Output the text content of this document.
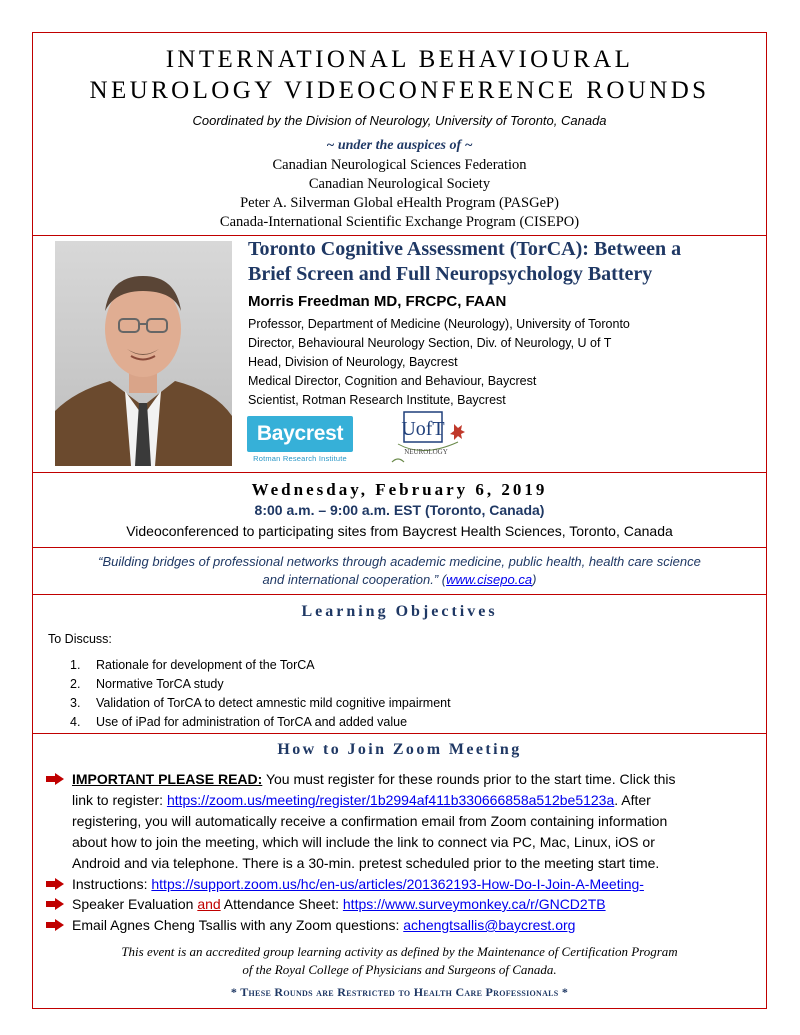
INTERNATIONAL BEHAVIOURAL
NEUROLOGY VIDEOCONFERENCE ROUNDS
Coordinated by the Division of Neurology, University of Toronto, Canada
~ under the auspices of ~
Canadian Neurological Sciences Federation
Canadian Neurological Society
Peter A. Silverman Global eHealth Program (PASGeP)
Canada-International Scientific Exchange Program (CISEPO)
Toronto Cognitive Assessment (TorCA): Between a
Brief Screen and Full Neuropsychology Battery
Morris Freedman MD, FRCPC, FAAN
Professor, Department of Medicine (Neurology), University of Toronto
Director, Behavioural Neurology Section, Div. of Neurology, U of T
Head, Division of Neurology, Baycrest
Medical Director, Cognition and Behaviour, Baycrest
Scientist, Rotman Research Institute, Baycrest
Baycrest
Rotman Research Institute
UofT
NEUROLOGY
Wednesday, February 6, 2019
8:00 a.m. – 9:00 a.m. EST (Toronto, Canada)
Videoconferenced to participating sites from Baycrest Health Sciences, Toronto, Canada
“Building bridges of professional networks through academic medicine, public health, health care science
and international cooperation.” (www.cisepo.ca)
Learning Objectives
To Discuss:
1. Rationale for development of the TorCA
2. Normative TorCA study
3. Validation of TorCA to detect amnestic mild cognitive impairment
4. Use of iPad for administration of TorCA and added value
How to Join Zoom Meeting
IMPORTANT PLEASE READ: You must register for these rounds prior to the start time. Click this
link to register: https://zoom.us/meeting/register/1b2994af411b330666858a512be5123a. After
registering, you will automatically receive a confirmation email from Zoom containing information
about how to join the meeting, which will include the link to connect via PC, Mac, Linux, iOS or
Android and via telephone. There is a 30-min. pretest scheduled prior to the meeting start time.
Instructions: https://support.zoom.us/hc/en-us/articles/201362193-How-Do-I-Join-A-Meeting-
Speaker Evaluation and Attendance Sheet: https://www.surveymonkey.ca/r/GNCD2TB
Email Agnes Cheng Tsallis with any Zoom questions: achengtsallis@baycrest.org
This event is an accredited group learning activity as defined by the Maintenance of Certification Program
of the Royal College of Physicians and Surgeons of Canada.
* These Rounds are Restricted to Health Care Professionals *
